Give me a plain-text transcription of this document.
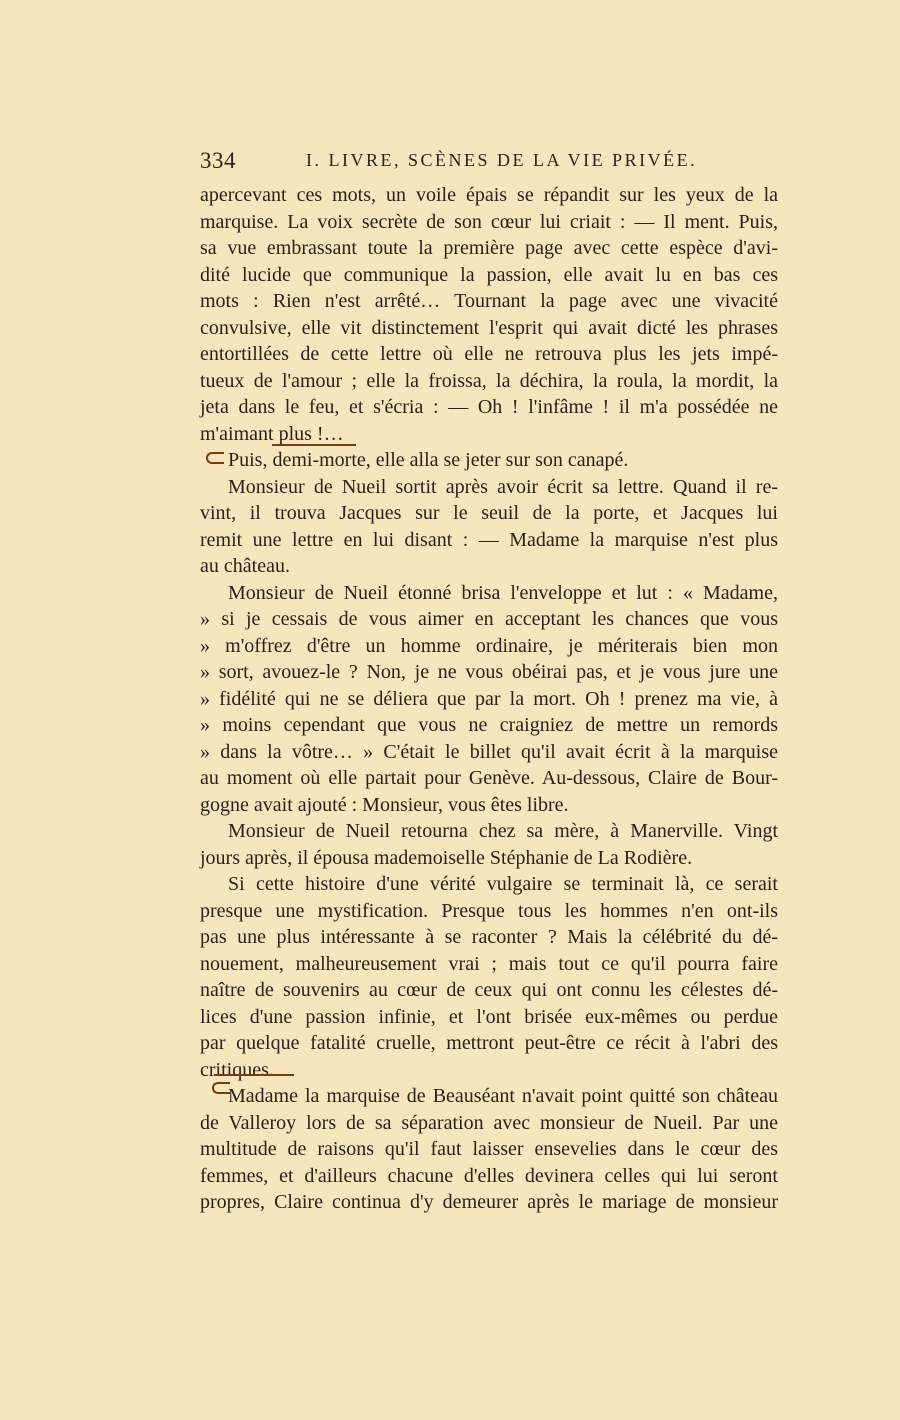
334	I. LIVRE, SCÈNES DE LA VIE PRIVÉE.
apercevant ces mots, un voile épais se répandit sur les yeux de la
marquise. La voix secrète de son cœur lui criait : — Il ment. Puis,
sa vue embrassant toute la première page avec cette espèce d'avi-
dité lucide que communique la passion, elle avait lu en bas ces
mots : Rien n'est arrêté… Tournant la page avec une vivacité
convulsive, elle vit distinctement l'esprit qui avait dicté les phrases
entortillées de cette lettre où elle ne retrouva plus les jets impé-
tueux de l'amour ; elle la froissa, la déchira, la roula, la mordit, la
jeta dans le feu, et s'écria : — Oh ! l'infâme ! il m'a possédée ne
m'aimant plus !…
Puis, demi-morte, elle alla se jeter sur son canapé.
Monsieur de Nueil sortit après avoir écrit sa lettre. Quand il re-
vint, il trouva Jacques sur le seuil de la porte, et Jacques lui
remit une lettre en lui disant : — Madame la marquise n'est plus
au château.
Monsieur de Nueil étonné brisa l'enveloppe et lut : « Madame,
» si je cessais de vous aimer en acceptant les chances que vous
» m'offrez d'être un homme ordinaire, je mériterais bien mon
» sort, avouez-le ? Non, je ne vous obéirai pas, et je vous jure une
» fidélité qui ne se déliera que par la mort. Oh ! prenez ma vie, à
» moins cependant que vous ne craigniez de mettre un remords
» dans la vôtre… » C'était le billet qu'il avait écrit à la marquise
au moment où elle partait pour Genève. Au-dessous, Claire de Bour-
gogne avait ajouté : Monsieur, vous êtes libre.
Monsieur de Nueil retourna chez sa mère, à Manerville. Vingt
jours après, il épousa mademoiselle Stéphanie de La Rodière.
Si cette histoire d'une vérité vulgaire se terminait là, ce serait
presque une mystification. Presque tous les hommes n'en ont-ils
pas une plus intéressante à se raconter ? Mais la célébrité du dé-
nouement, malheureusement vrai ; mais tout ce qu'il pourra faire
naître de souvenirs au cœur de ceux qui ont connu les célestes dé-
lices d'une passion infinie, et l'ont brisée eux-mêmes ou perdue
par quelque fatalité cruelle, mettront peut-être ce récit à l'abri des
critiques.
Madame la marquise de Beauséant n'avait point quitté son château
de Valleroy lors de sa séparation avec monsieur de Nueil. Par une
multitude de raisons qu'il faut laisser ensevelies dans le cœur des
femmes, et d'ailleurs chacune d'elles devinera celles qui lui seront
propres, Claire continua d'y demeurer après le mariage de monsieur
